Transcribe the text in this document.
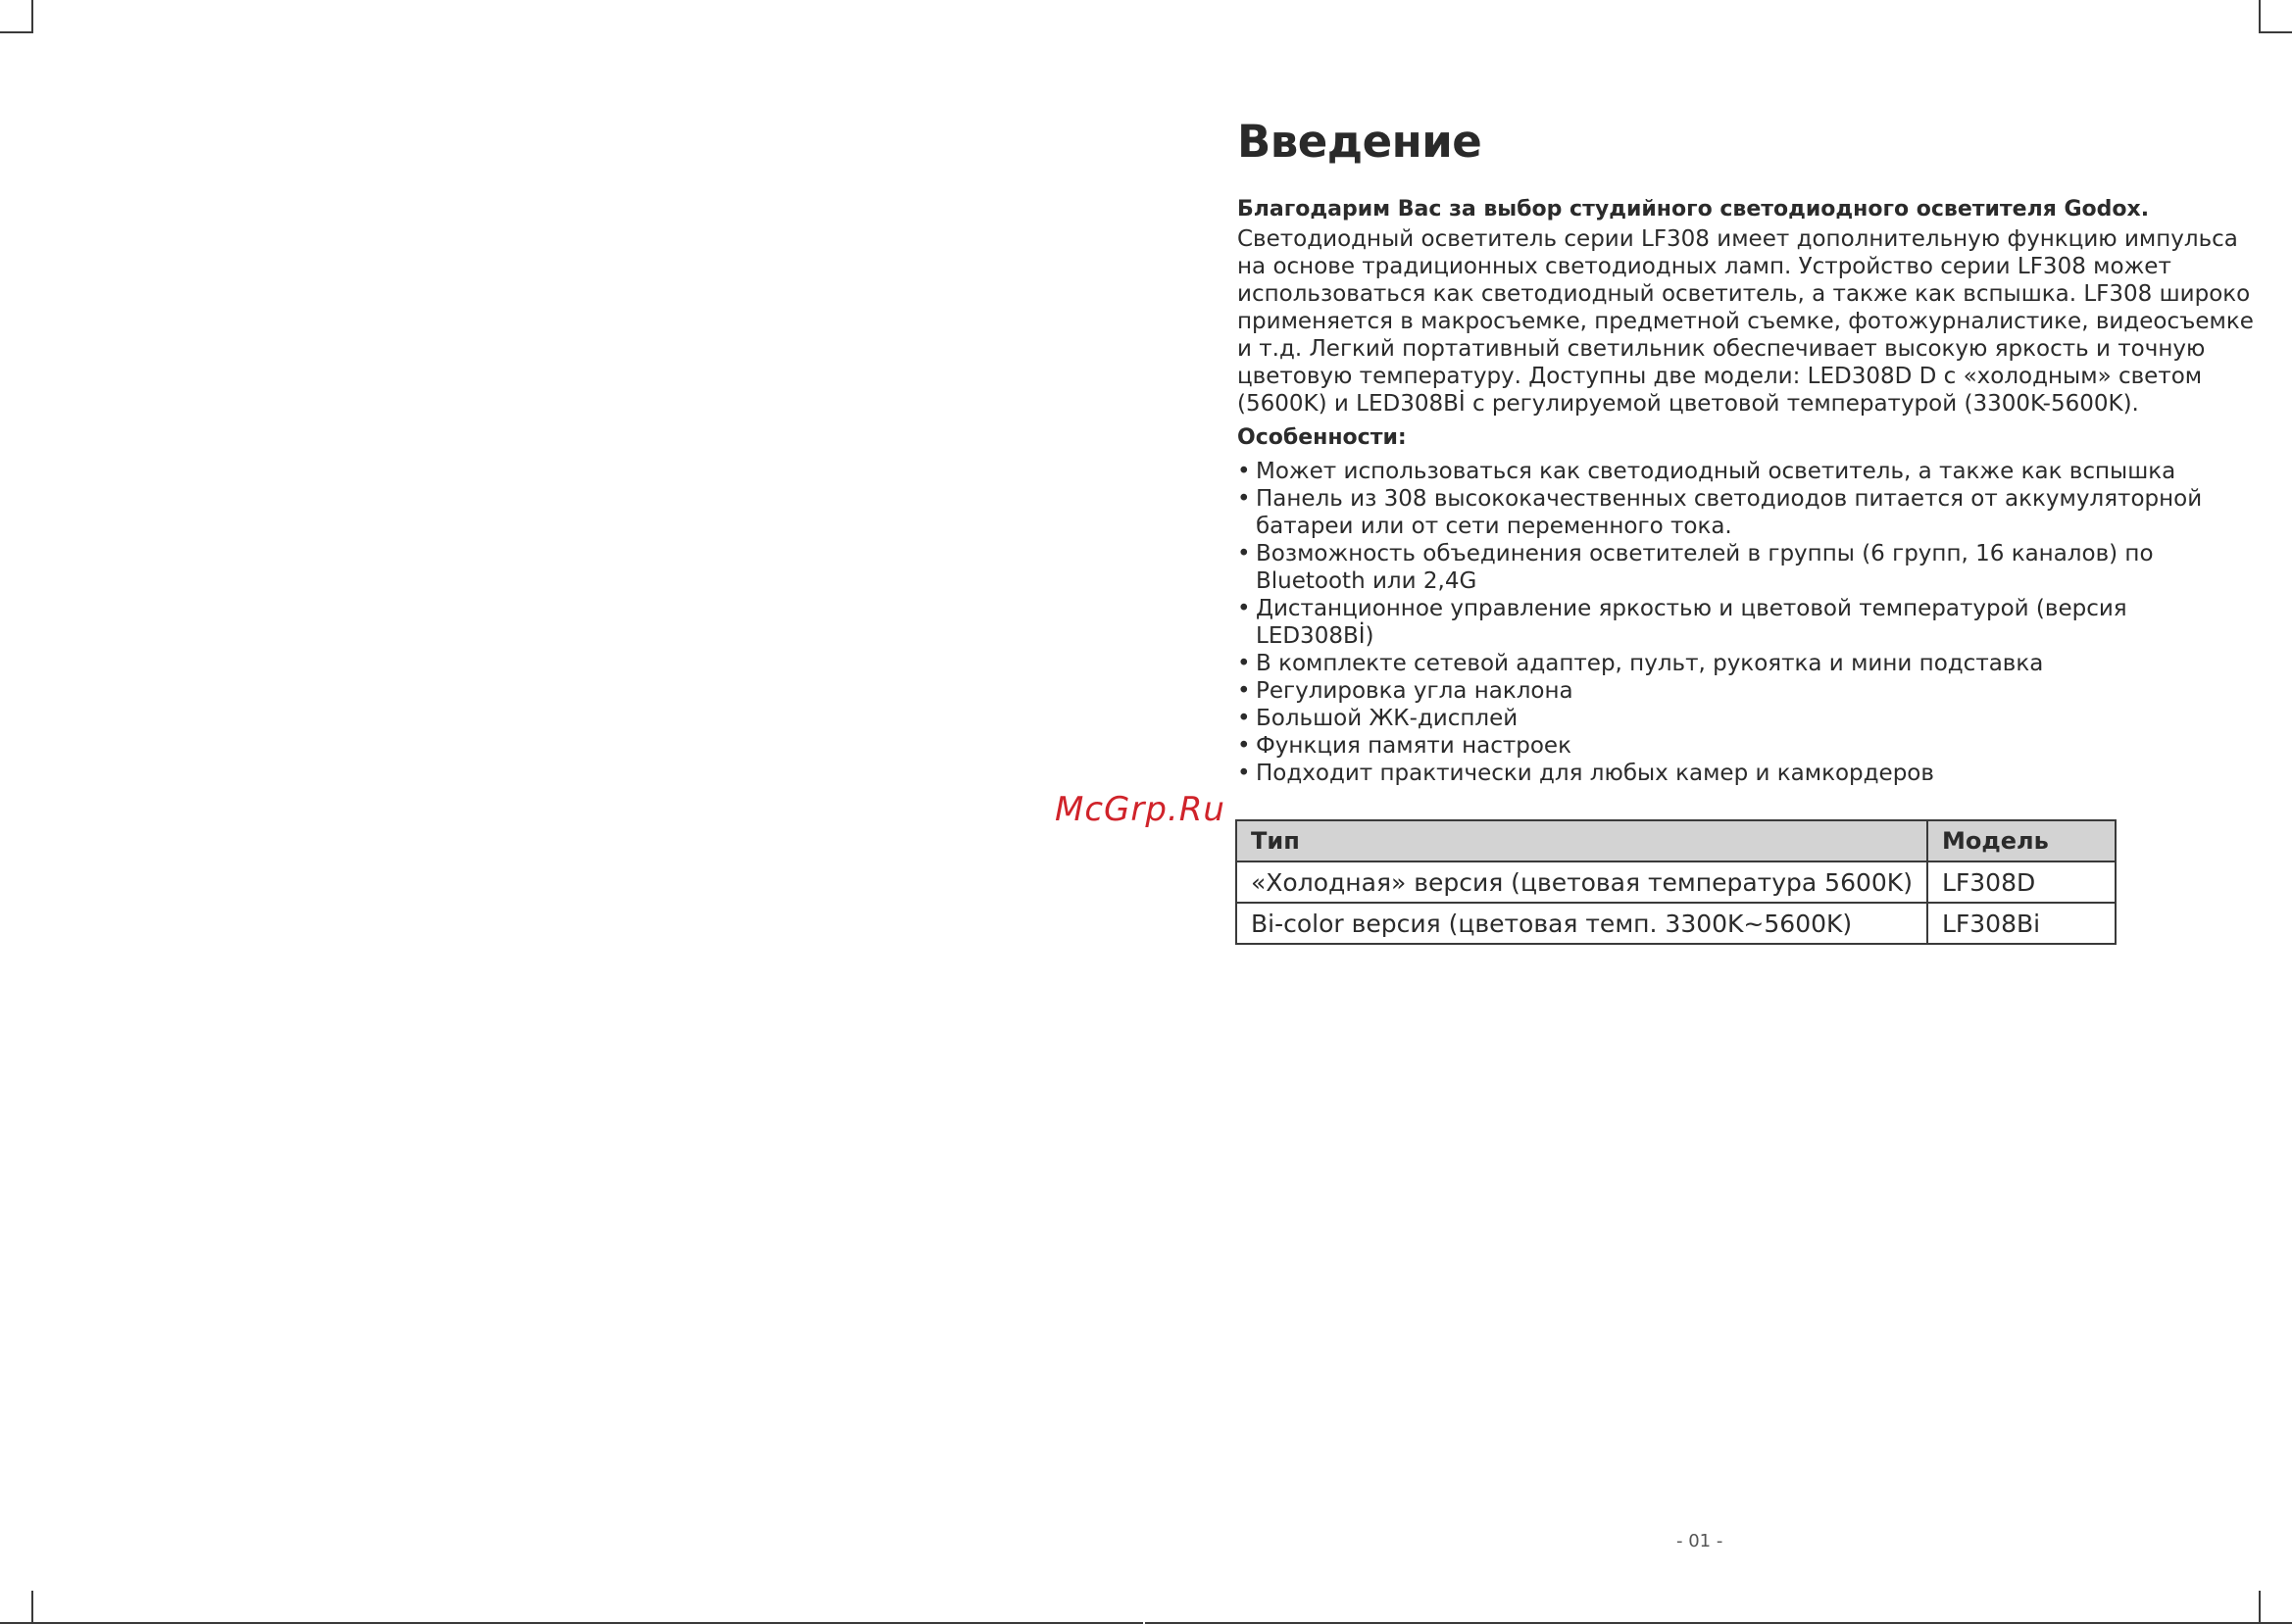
Введение

Благодарим Вас за выбор студийного светодиодного осветителя Godox.

Светодиодный осветитель серии LF308 имеет дополнительную функцию импульса
на основе традиционных светодиодных ламп. Устройство серии LF308 может
использоваться как светодиодный осветитель, а также как вспышка. LF308 широко
применяется в макросъемке, предметной съемке, фотожурналистике, видеосъемке
и т.д. Легкий портативный светильник обеспечивает высокую яркость и точную
цветовую температуру. Доступны две модели: LED308D D с «холодным» светом
(5600K) и LED308Bİ с регулируемой цветовой температурой (3300K-5600K).

Особенности:

• Может использоваться как светодиодный осветитель, а также как вспышка
• Панель из 308 высококачественных светодиодов питается от аккумуляторной
батареи или от сети переменного тока.
• Возможность объединения осветителей в группы (6 групп, 16 каналов) по
Bluetooth или 2,4G
• Дистанционное управление яркостью и цветовой температурой (версия
LED308Bİ)
• В комплекте сетевой адаптер, пульт, рукоятка и мини подставка
• Регулировка угла наклона
• Большой ЖК-дисплей
• Функция памяти настроек
• Подходит практически для любых камер и камкордеров
Тип	Модель
«Холодная» версия (цветовая температура 5600K)	LF308D
Bi-color версия (цветовая темп. 3300K~5600K)	LF308Bi
McGrp.Ru
- 01 -
